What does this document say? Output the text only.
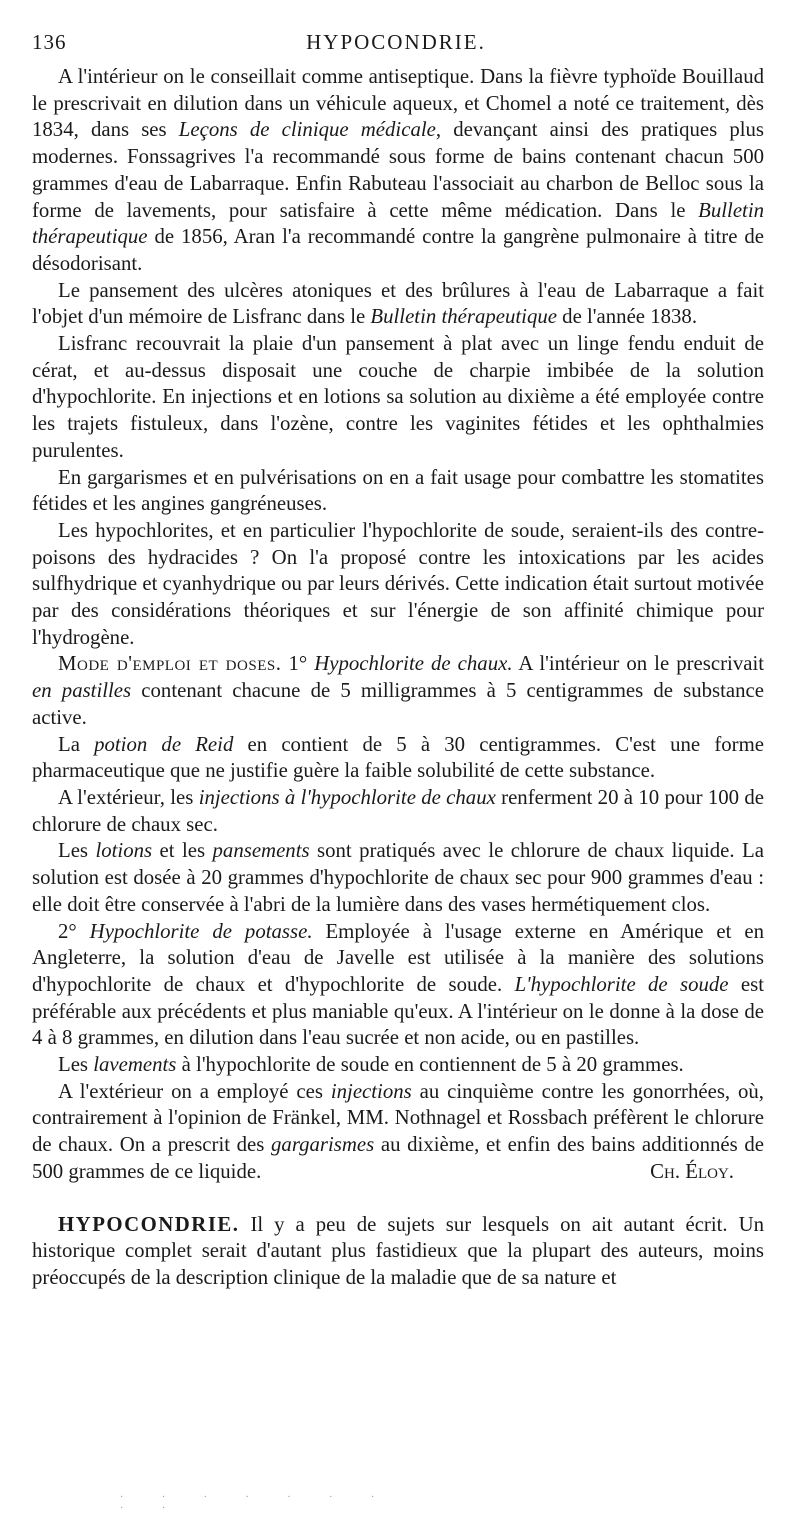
136	HYPOCONDRIE.

A l'intérieur on le conseillait comme antiseptique. Dans la fièvre typhoïde Bouillaud le prescrivait en dilution dans un véhicule aqueux, et Chomel a noté ce traitement, dès 1834, dans ses Leçons de clinique médicale, devançant ainsi des pratiques plus modernes. Fonssagrives l'a recommandé sous forme de bains contenant chacun 500 grammes d'eau de Labarraque. Enfin Rabuteau l'associait au charbon de Belloc sous la forme de lavements, pour satisfaire à cette même médication. Dans le Bulletin thérapeutique de 1856, Aran l'a recommandé contre la gangrène pulmonaire à titre de désodorisant.

Le pansement des ulcères atoniques et des brûlures à l'eau de Labarraque a fait l'objet d'un mémoire de Lisfranc dans le Bulletin thérapeutique de l'année 1838.

Lisfranc recouvrait la plaie d'un pansement à plat avec un linge fendu enduit de cérat, et au-dessus disposait une couche de charpie imbibée de la solution d'hypochlorite. En injections et en lotions sa solution au dixième a été employée contre les trajets fistuleux, dans l'ozène, contre les vaginites fétides et les ophthalmies purulentes.

En gargarismes et en pulvérisations on en a fait usage pour combattre les stomatites fétides et les angines gangréneuses.

Les hypochlorites, et en particulier l'hypochlorite de soude, seraient-ils des contre-poisons des hydracides ? On l'a proposé contre les intoxications par les acides sulfhydrique et cyanhydrique ou par leurs dérivés. Cette indication était surtout motivée par des considérations théoriques et sur l'énergie de son affinité chimique pour l'hydrogène.

Mode d'emploi et doses. 1° Hypochlorite de chaux. A l'intérieur on le prescrivait en pastilles contenant chacune de 5 milligrammes à 5 centigrammes de substance active.

La potion de Reid en contient de 5 à 30 centigrammes. C'est une forme pharmaceutique que ne justifie guère la faible solubilité de cette substance.

A l'extérieur, les injections à l'hypochlorite de chaux renferment 20 à 10 pour 100 de chlorure de chaux sec.

Les lotions et les pansements sont pratiqués avec le chlorure de chaux liquide. La solution est dosée à 20 grammes d'hypochlorite de chaux sec pour 900 grammes d'eau : elle doit être conservée à l'abri de la lumière dans des vases hermétiquement clos.

2° Hypochlorite de potasse. Employée à l'usage externe en Amérique et en Angleterre, la solution d'eau de Javelle est utilisée à la manière des solutions d'hypochlorite de chaux et d'hypochlorite de soude. L'hypochlorite de soude est préférable aux précédents et plus maniable qu'eux. A l'intérieur on le donne à la dose de 4 à 8 grammes, en dilution dans l'eau sucrée et non acide, ou en pastilles.

Les lavements à l'hypochlorite de soude en contiennent de 5 à 20 grammes.

A l'extérieur on a employé ces injections au cinquième contre les gonorrhées, où, contrairement à l'opinion de Fränkel, MM. Nothnagel et Rossbach préfèrent le chlorure de chaux. On a prescrit des gargarismes au dixième, et enfin des bains additionnés de 500 grammes de ce liquide.	Ch. Éloy.

HYPOCONDRIE. Il y a peu de sujets sur lesquels on ait autant écrit. Un historique complet serait d'autant plus fastidieux que la plupart des auteurs, moins préoccupés de la description clinique de la maladie que de sa nature et

· · · · · · · · ·
